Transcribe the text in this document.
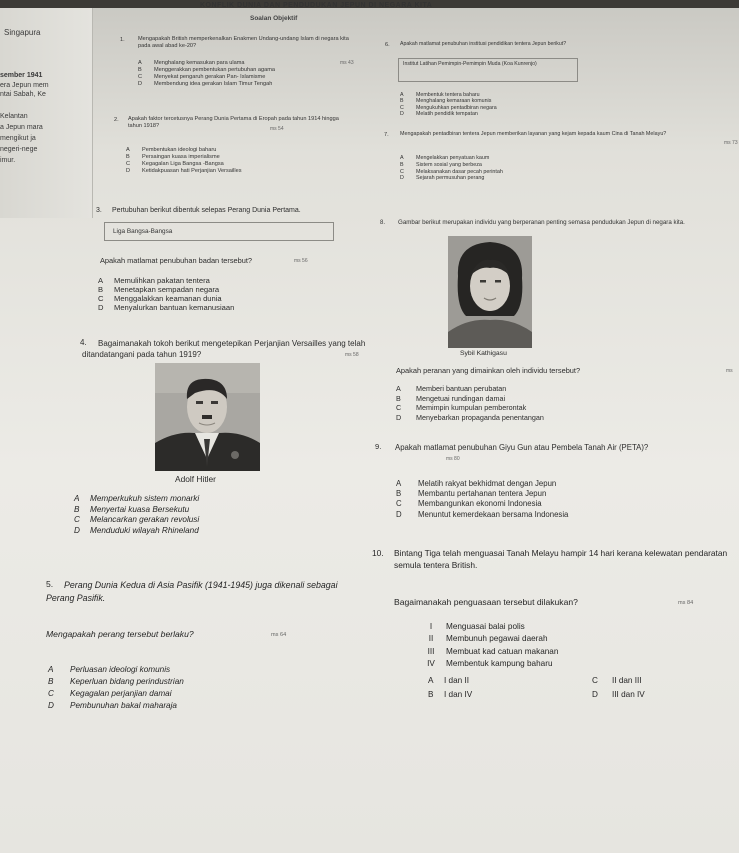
KONFLIK DUNIA DAN PENDUDUKAN JEPUN DI NEGARA KITA
Soalan Objektif
Singapura
sember 1941
era Jepun mem
ntai Sabah, Ke
Kelantan
a Jepun mara
mengikut ja
negeri-nege
imur.
1. Mengapakah British memperkenalkan Enakmen Undang-undang Islam di negara kita pada awal abad ke-20?
ms 43
A	Menghalang kemasukan para ulama
B	Menggerakkan pembentukan pertubuhan agama
C	Menyekat pengaruh gerakan Pan- Islamisme
D	Membendung idea gerakan Islam Timur Tengah
2. Apakah faktor tercetusnya Perang Dunia Pertama di Eropah pada tahun 1914 hingga tahun 1918?	ms 54
A	Pembentukan ideologi baharu
B	Persaingan kuasa imperialisme
C	Kegagalan Liga Bangsa -Bangsa
D	Ketidakpuasan hati Perjanjian Versailles
3. Pertubuhan berikut dibentuk selepas Perang Dunia Pertama.
Liga Bangsa-Bangsa
Apakah matlamat penubuhan badan tersebut?	ms 56
A	Memulihkan pakatan tentera
B	Menetapkan sempadan negara
C	Menggalakkan keamanan dunia
D	Menyalurkan bantuan kemanusiaan
4.	Bagaimanakah tokoh berikut mengetepikan Perjanjian Versailles yang telah ditandatangani pada tahun 1919?	ms 58
Adolf Hitler
A	Memperkukuh sistem monarki
B	Menyertai kuasa Bersekutu
C	Melancarkan gerakan revolusi
D	Menduduki wilayah Rhineland
5.	Perang Dunia Kedua di Asia Pasifik (1941-1945) juga dikenali sebagai Perang Pasifik.
Mengapakah perang tersebut berlaku?	ms 64
A	Perluasan ideologi komunis
B	Keperluan bidang perindustrian
C	Kegagalan perjanjian damai
D	Pembunuhan bakal maharaja
6. Apakah matlamat penubuhan institusi pendidikan tentera Jepun berikut?
Institut Latihan Pemimpin-Pemimpin Muda (Koa Kunrenjo)
A	Membentuk tentera baharu
B	Menghalang kemaraan komunis
C	Mengukuhkan pentadbiran negara
D	Melatih pendidik tempatan
7. Mengapakah pentadbiran tentera Jepun memberikan layanan yang kejam kepada kaum Cina di Tanah Melayu?
ms 73
A	Mengelakkan penyatuan kaum
B	Sistem sosial yang berbeza
C	Melaksanakan dasar pecah perintah
D	Sejarah permusuhan perang
8. Gambar berikut merupakan individu yang berperanan penting semasa pendudukan Jepun di negara kita.
Sybil Kathigasu
Apakah peranan yang dimainkan oleh individu tersebut?	ms
A	Memberi bantuan perubatan
B	Mengetuai rundingan damai
C	Memimpin kumpulan pemberontak
D	Menyebarkan propaganda penentangan
9. Apakah matlamat penubuhan Giyu Gun atau Pembela Tanah Air (PETA)?
ms 80
A	Melatih rakyat bekhidmat dengan Jepun
B	Membantu pertahanan tentera Jepun
C	Membangunkan ekonomi Indonesia
D	Menuntut kemerdekaan bersama Indonesia
10. Bintang Tiga telah menguasai Tanah Melayu hampir 14 hari kerana kelewatan pendaratan semula tentera British.
Bagaimanakah penguasaan tersebut dilakukan?	ms 84
I	Menguasai balai polis
II	Membunuh pegawai daerah
III	Membuat kad catuan makanan
IV	Membentuk kampung baharu
A	I dan II
B	I dan IV
C	II dan III
D	III dan IV
